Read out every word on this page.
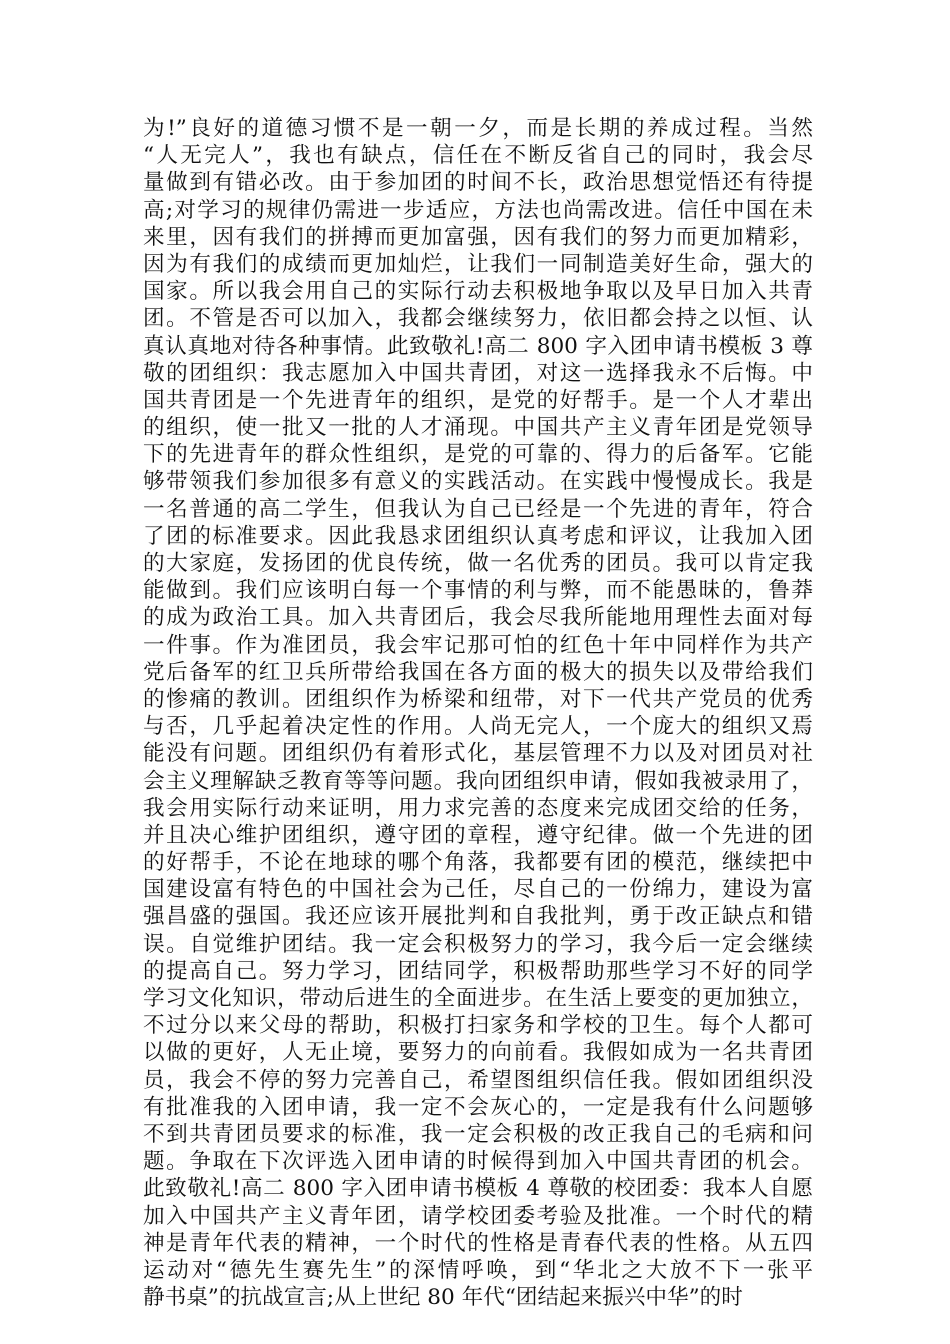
为!”良好的道德习惯不是一朝一夕，而是长期的养成过程。当然
“人无完人”，我也有缺点，信任在不断反省自己的同时，我会尽
量做到有错必改。由于参加团的时间不长，政治思想觉悟还有待提
高;对学习的规律仍需进一步适应，方法也尚需改进。信任中国在未
来里，因有我们的拼搏而更加富强，因有我们的努力而更加精彩，
因为有我们的成绩而更加灿烂，让我们一同制造美好生命，强大的
国家。所以我会用自己的实际行动去积极地争取以及早日加入共青
团。不管是否可以加入，我都会继续努力，依旧都会持之以恒、认
真认真地对待各种事情。此致敬礼!高二 800 字入团申请书模板 3 尊
敬的团组织：我志愿加入中国共青团，对这一选择我永不后悔。中
国共青团是一个先进青年的组织，是党的好帮手。是一个人才辈出
的组织，使一批又一批的人才涌现。中国共产主义青年团是党领导
下的先进青年的群众性组织，是党的可靠的、得力的后备军。它能
够带领我们参加很多有意义的实践活动。在实践中慢慢成长。我是
一名普通的高二学生，但我认为自己已经是一个先进的青年，符合
了团的标准要求。因此我恳求团组织认真考虑和评议，让我加入团
的大家庭，发扬团的优良传统，做一名优秀的团员。我可以肯定我
能做到。我们应该明白每一个事情的利与弊，而不能愚昧的，鲁莽
的成为政治工具。加入共青团后，我会尽我所能地用理性去面对每
一件事。作为准团员，我会牢记那可怕的红色十年中同样作为共产
党后备军的红卫兵所带给我国在各方面的极大的损失以及带给我们
的惨痛的教训。团组织作为桥梁和纽带，对下一代共产党员的优秀
与否，几乎起着决定性的作用。人尚无完人，一个庞大的组织又焉
能没有问题。团组织仍有着形式化，基层管理不力以及对团员对社
会主义理解缺乏教育等等问题。我向团组织申请，假如我被录用了，
我会用实际行动来证明，用力求完善的态度来完成团交给的任务，
并且决心维护团组织，遵守团的章程，遵守纪律。做一个先进的团
的好帮手，不论在地球的哪个角落，我都要有团的模范，继续把中
国建设富有特色的中国社会为己任，尽自己的一份绵力，建设为富
强昌盛的强国。我还应该开展批判和自我批判，勇于改正缺点和错
误。自觉维护团结。我一定会积极努力的学习，我今后一定会继续
的提高自己。努力学习，团结同学，积极帮助那些学习不好的同学
学习文化知识，带动后进生的全面进步。在生活上要变的更加独立，
不过分以来父母的帮助，积极打扫家务和学校的卫生。每个人都可
以做的更好，人无止境，要努力的向前看。我假如成为一名共青团
员，我会不停的努力完善自己，希望图组织信任我。假如团组织没
有批准我的入团申请，我一定不会灰心的，一定是我有什么问题够
不到共青团员要求的标准，我一定会积极的改正我自己的毛病和问
题。争取在下次评选入团申请的时候得到加入中国共青团的机会。
此致敬礼!高二 800 字入团申请书模板 4 尊敬的校团委：我本人自愿
加入中国共产主义青年团，请学校团委考验及批准。一个时代的精
神是青年代表的精神，一个时代的性格是青春代表的性格。从五四
运动对“德先生赛先生”的深情呼唤，到“华北之大放不下一张平
静书桌”的抗战宣言;从上世纪 80 年代“团结起来振兴中华”的时
